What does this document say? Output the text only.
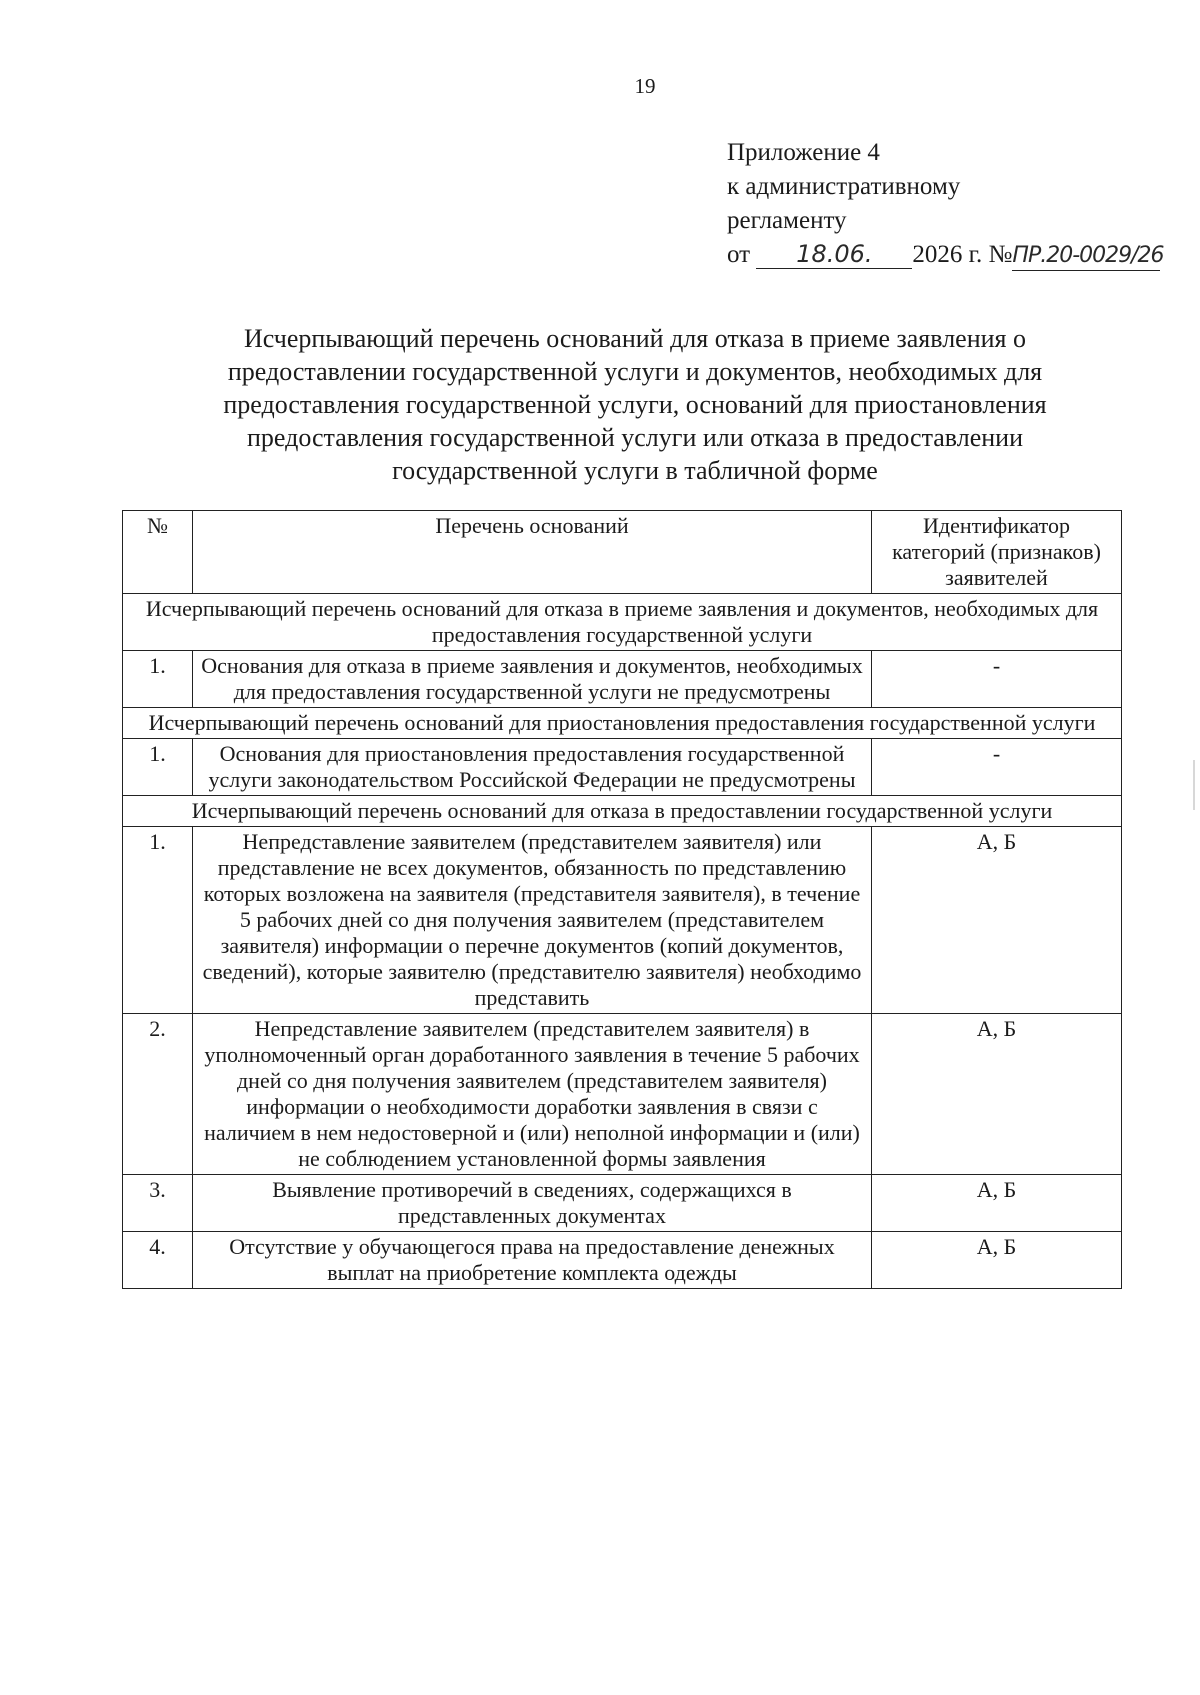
19
Приложение 4
к административному
регламенту
от 18.06. 2026 г. №ПР.20-0029/26
Исчерпывающий перечень оснований для отказа в приеме заявления о предоставлении государственной услуги и документов, необходимых для предоставления государственной услуги, оснований для приостановления предоставления государственной услуги или отказа в предоставлении государственной услуги в табличной форме
№	Перечень оснований	Идентификатор категорий (признаков) заявителей
Исчерпывающий перечень оснований для отказа в приеме заявления и документов, необходимых для предоставления государственной услуги		
1.	Основания для отказа в приеме заявления и документов, необходимых для предоставления государственной услуги не предусмотрены	-
Исчерпывающий перечень оснований для приостановления предоставления государственной услуги		
1.	Основания для приостановления предоставления государственной услуги законодательством Российской Федерации не предусмотрены	-
Исчерпывающий перечень оснований для отказа в предоставлении государственной услуги		
1.	Непредставление заявителем (представителем заявителя) или представление не всех документов, обязанность по представлению которых возложена на заявителя (представителя заявителя), в течение 5 рабочих дней со дня получения заявителем (представителем заявителя) информации о перечне документов (копий документов, сведений), которые заявителю (представителю заявителя) необходимо представить	А, Б
2.	Непредставление заявителем (представителем заявителя) в уполномоченный орган доработанного заявления в течение 5 рабочих дней со дня получения заявителем (представителем заявителя) информации о необходимости доработки заявления в связи с наличием в нем недостоверной и (или) неполной информации и (или) не соблюдением установленной формы заявления	А, Б
3.	Выявление противоречий в сведениях, содержащихся в представленных документах	А, Б
4.	Отсутствие у обучающегося права на предоставление денежных выплат на приобретение комплекта одежды	А, Б
